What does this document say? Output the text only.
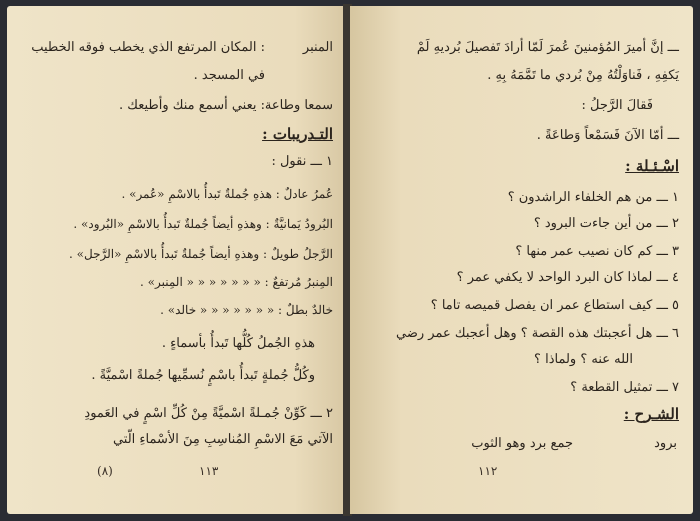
المنبر
: المكان المرتفع الذي يخطب فوقه الخطيب
في المسجد .
سمعا وطاعة
: يعني أسمع منك وأطيعك .
التـدريبات :
١ ـــ نقول :
عُمرُ عادلٌ : هذهِ جُملةٌ تَبدأُ بالاسْمِ «عُمر» .
البُرودُ يَمانيَّةٌ : وهذهِ أيضاً جُملةٌ تَبدأُ بالاسْمِ «البُرود» .
الرَّجلُ طويلٌ : وهذهِ أيضاً جُملةٌ تَبدأُ بالاسْمِ «الرَّجل» .
المِنبرُ مُرتفعٌ : « « « « « « « المِنبر» .
خالدٌ بطلٌ : « « « « « « « خالد» .
هذهِ الجُملُ كُلُّها تَبدأُ بأسماءٍ .
وكُلُّ جُملةٍ تَبدأُ باسْمٍ نُسمِّيها جُملةً اسْميَّةً .
٢ ـــ كَوِّنْ جُمـلةً اسْميَّةً مِنْ كُلِّ اسْمٍ في العَمودِ
الآتي مَعَ الاسْمِ المُناسِبِ مِنَ الأسْماءِ الّتي
١١٣
(٨)
ـــ إنَّ أميرَ المُؤمنينَ عُمرَ لَمّا أرادَ تَفصيلَ بُرديهِ لَمْ
يَكفِهِ ، فَناوَلْتُهُ مِنْ بُردي ما تَمَّمَهُ بِهِ .
فَقالَ الرَّجلُ :
ـــ أمّا الآنَ فَسَمْعاً وَطاعَةً .
اسْـئـلة :
١ ـــ من هم الخلفاء الراشدون ؟
٢ ـــ من أين جاءت البرود ؟
٣ ـــ كم كان نصيب عمر منها ؟
٤ ـــ لماذا كان البرد الواحد لا يكفي عمر ؟
٥ ـــ كيف استطاع عمر ان يفصل قميصه تاما ؟
٦ ـــ هل أعجبتك هذه القصة ؟ وهل أعجبك عمر رضي
الله عنه ؟ ولماذا ؟
٧ ـــ تمثيل القطعة ؟
الشـرح :
برود
جمع برد وهو الثوب
١١٢
